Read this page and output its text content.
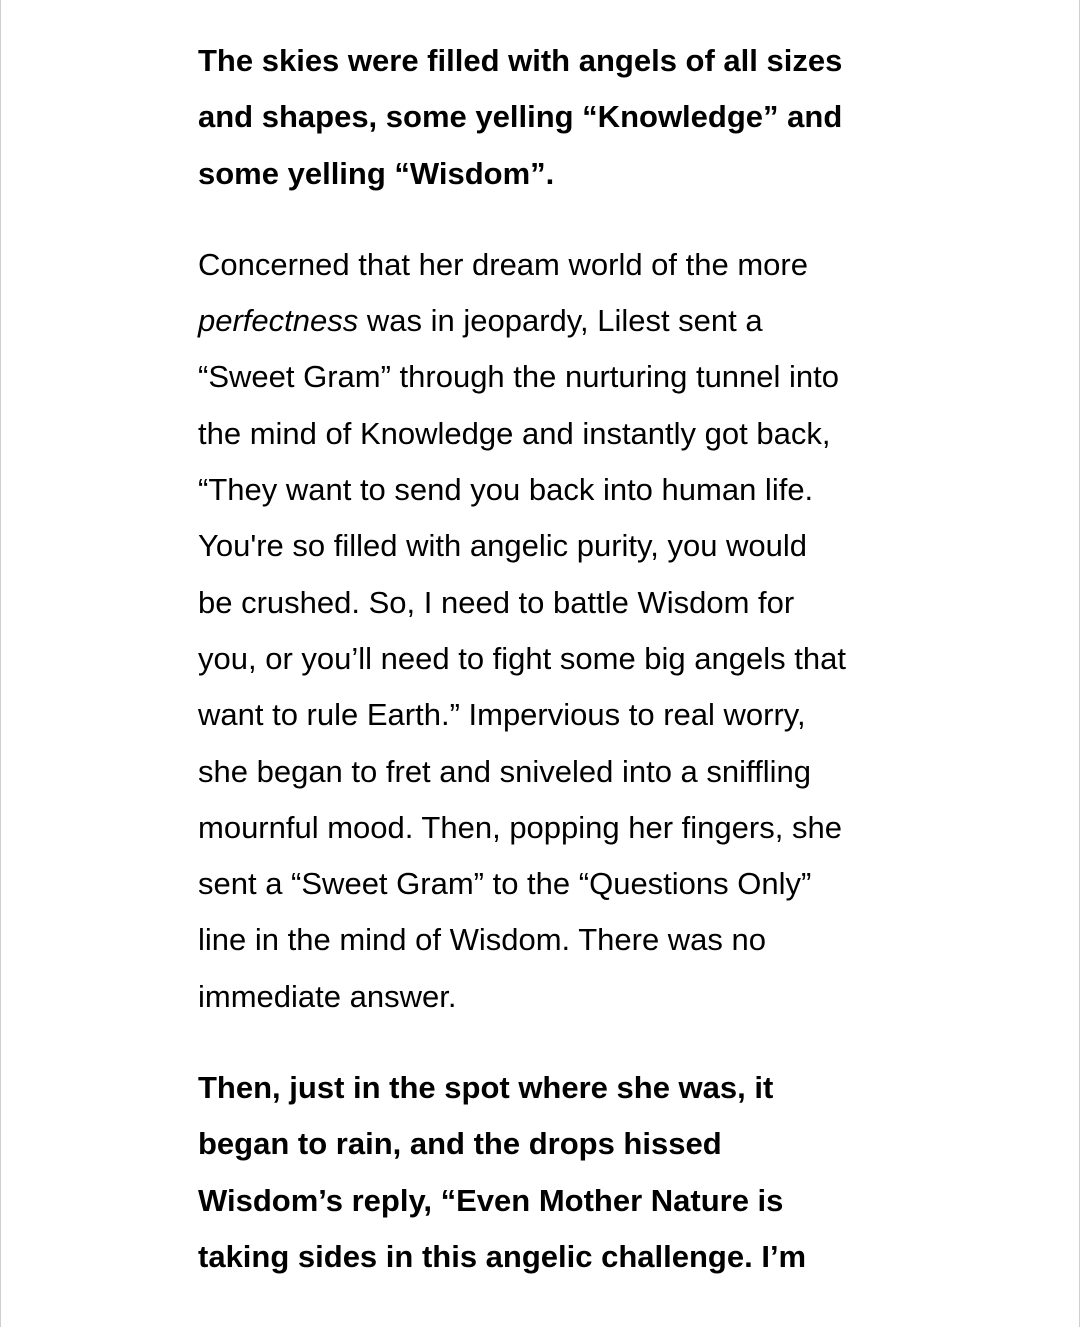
The skies were filled with angels of all sizes
and shapes, some yelling “Knowledge” and
some yelling “Wisdom”.

Concerned that her dream world of the more
perfectness was in jeopardy, Lilest sent a
“Sweet Gram” through the nurturing tunnel into
the mind of Knowledge and instantly got back,
“They want to send you back into human life.
You're so filled with angelic purity, you would
be crushed. So, I need to battle Wisdom for
you, or you’ll need to fight some big angels that
want to rule Earth.” Impervious to real worry,
she began to fret and sniveled into a sniffling
mournful mood. Then, popping her fingers, she
sent a “Sweet Gram” to the “Questions Only”
line in the mind of Wisdom. There was no
immediate answer.

Then, just in the spot where she was, it
began to rain, and the drops hissed
Wisdom’s reply, “Even Mother Nature is
taking sides in this angelic challenge. I’m
